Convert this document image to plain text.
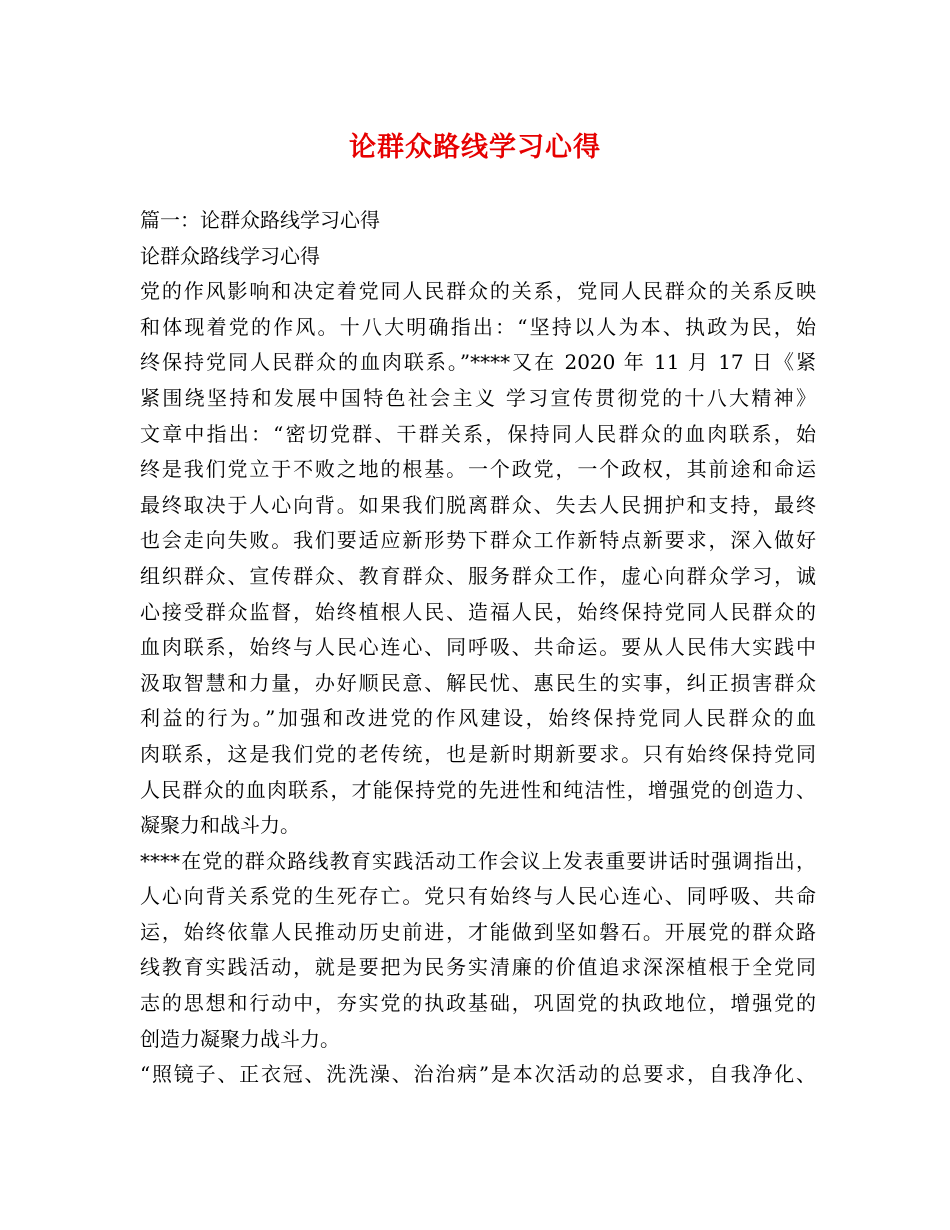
论群众路线学习心得
篇一：论群众路线学习心得
论群众路线学习心得
党的作风影响和决定着党同人民群众的关系，党同人民群众的关系反映
和体现着党的作风。十八大明确指出：“坚持以人为本、执政为民，始
终保持党同人民群众的血肉联系。”****又在 2020 年 11 月 17 日《紧
紧围绕坚持和发展中国特色社会主义 学习宣传贯彻党的十八大精神》
文章中指出：“密切党群、干群关系，保持同人民群众的血肉联系，始
终是我们党立于不败之地的根基。一个政党，一个政权，其前途和命运
最终取决于人心向背。如果我们脱离群众、失去人民拥护和支持，最终
也会走向失败。我们要适应新形势下群众工作新特点新要求，深入做好
组织群众、宣传群众、教育群众、服务群众工作，虚心向群众学习，诚
心接受群众监督，始终植根人民、造福人民，始终保持党同人民群众的
血肉联系，始终与人民心连心、同呼吸、共命运。要从人民伟大实践中
汲取智慧和力量，办好顺民意、解民忧、惠民生的实事，纠正损害群众
利益的行为。”加强和改进党的作风建设，始终保持党同人民群众的血
肉联系，这是我们党的老传统，也是新时期新要求。只有始终保持党同
人民群众的血肉联系，才能保持党的先进性和纯洁性，增强党的创造力、
凝聚力和战斗力。
****在党的群众路线教育实践活动工作会议上发表重要讲话时强调指出，
人心向背关系党的生死存亡。党只有始终与人民心连心、同呼吸、共命
运，始终依靠人民推动历史前进，才能做到坚如磐石。开展党的群众路
线教育实践活动，就是要把为民务实清廉的价值追求深深植根于全党同
志的思想和行动中，夯实党的执政基础，巩固党的执政地位，增强党的
创造力凝聚力战斗力。
“照镜子、正衣冠、洗洗澡、治治病”是本次活动的总要求，自我净化、
